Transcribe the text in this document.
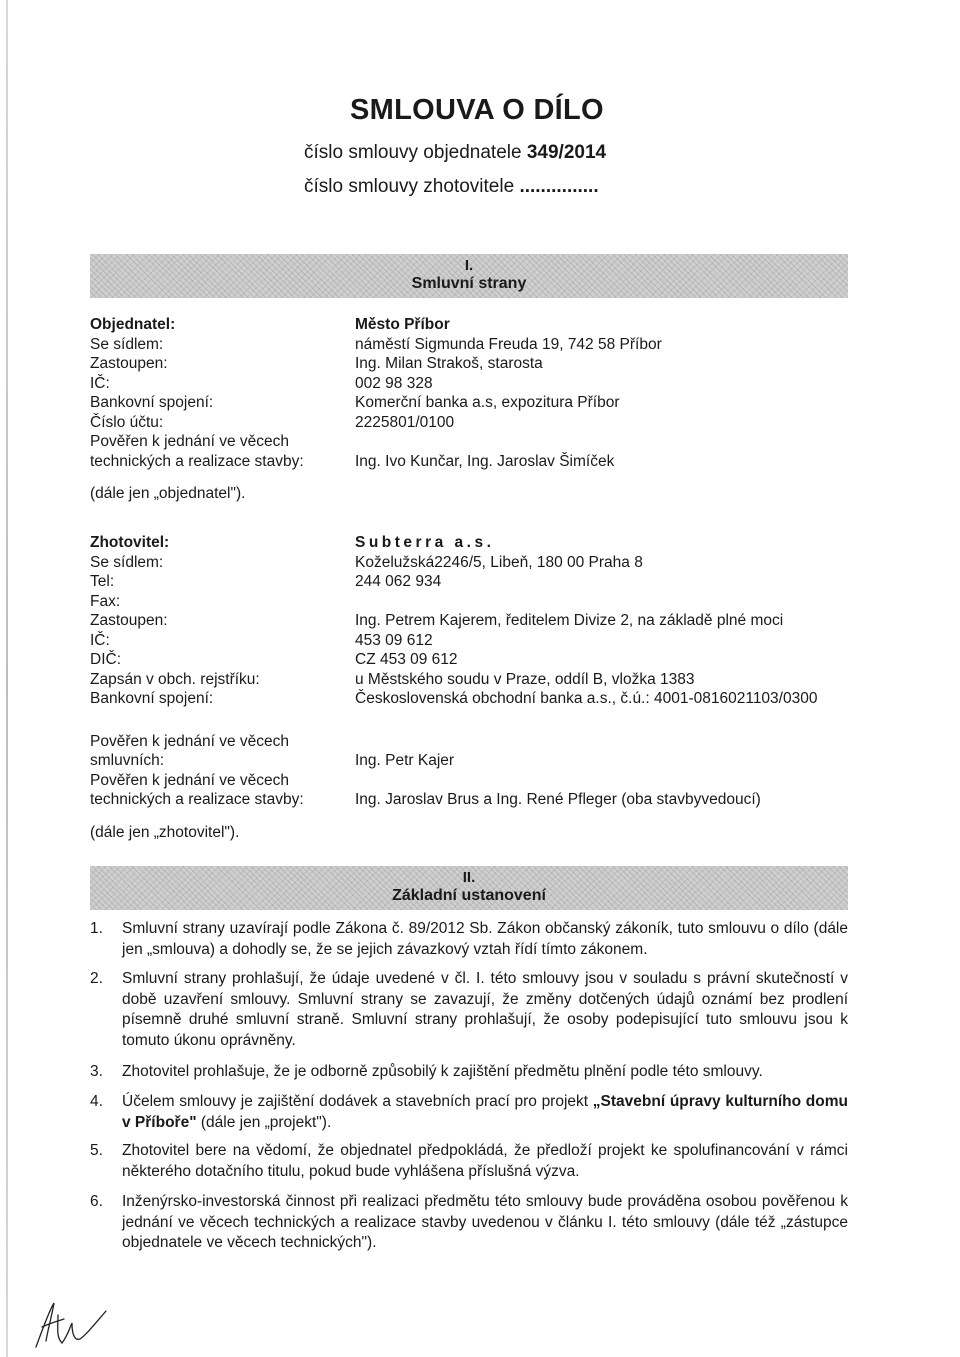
SMLOUVA O DÍLO
číslo smlouvy objednatele 349/2014
číslo smlouvy zhotovitele ...............
I.
Smluvní strany
Objednatel:
Se sídlem:
Zastoupen:
IČ:
Bankovní spojení:
Číslo účtu:
Pověřen k jednání ve věcech
technických a realizace stavby:
(dále jen „objednatel").
Město Příbor
náměstí Sigmunda Freuda 19, 742 58 Příbor
Ing. Milan Strakoš, starosta
002 98 328
Komerční banka a.s, expozitura Příbor
2225801/0100
Ing. Ivo Kunčar, Ing. Jaroslav Šimíček
Zhotovitel:
Se sídlem:
Tel:
Fax:
Zastoupen:
IČ:
DIČ:
Zapsán v obch. rejstříku:
Bankovní spojení:
Pověřen k jednání ve věcech
smluvních:
Pověřen k jednání ve věcech
technických a realizace stavby:
(dále jen „zhotovitel").
Subterra a.s.
Koželužská2246/5, Libeň, 180 00 Praha 8
244 062 934
Ing. Petrem Kajerem, ředitelem Divize 2, na základě plné moci
453 09 612
CZ 453 09 612
u Městského soudu v Praze, oddíl B, vložka 1383
Československá obchodní banka a.s., č.ú.: 4001-0816021103/0300
Ing. Petr Kajer
Ing. Jaroslav Brus a Ing. René Pfleger (oba stavbyvedoucí)
II.
Základní ustanovení
1. Smluvní strany uzavírají podle Zákona č. 89/2012 Sb. Zákon občanský zákoník, tuto smlouvu o dílo (dále jen „smlouva) a dohodly se, že se jejich závazkový vztah řídí tímto zákonem.
2. Smluvní strany prohlašují, že údaje uvedené v čl. I. této smlouvy jsou v souladu s právní skutečností v době uzavření smlouvy. Smluvní strany se zavazují, že změny dotčených údajů oznámí bez prodlení písemně druhé smluvní straně. Smluvní strany prohlašují, že osoby podepisující tuto smlouvu jsou k tomuto úkonu oprávněny.
3. Zhotovitel prohlašuje, že je odborně způsobilý k zajištění předmětu plnění podle této smlouvy.
4. Účelem smlouvy je zajištění dodávek a stavebních prací pro projekt „Stavební úpravy kulturního domu v Příboře" (dále jen „projekt").
5. Zhotovitel bere na vědomí, že objednatel předpokládá, že předloží projekt ke spolufinancování v rámci některého dotačního titulu, pokud bude vyhlášena příslušná výzva.
6. Inženýrsko-investorská činnost při realizaci předmětu této smlouvy bude prováděna osobou pověřenou k jednání ve věcech technických a realizace stavby uvedenou v článku I. této smlouvy (dále též „zástupce objednatele ve věcech technických").
